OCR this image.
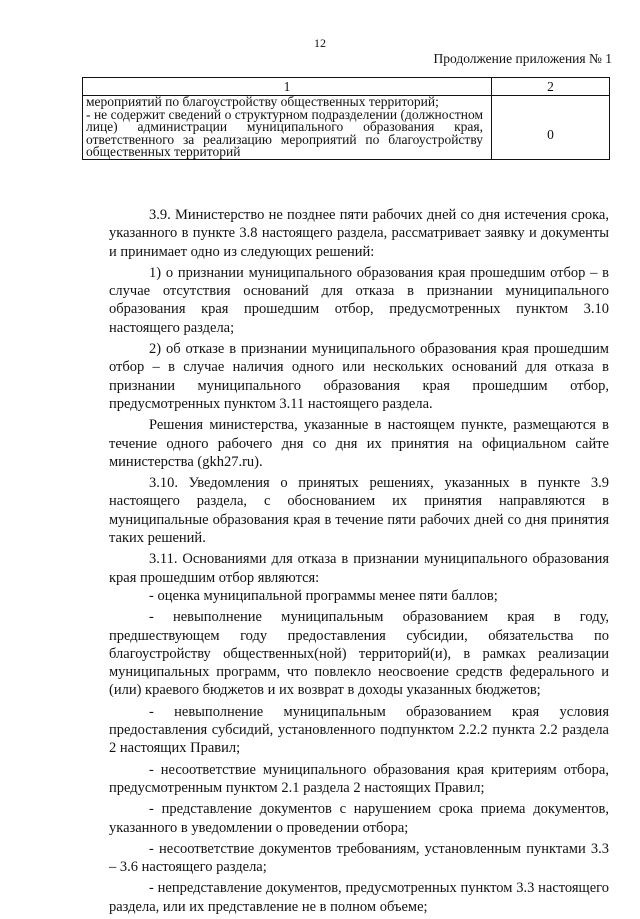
12
Продолжение приложения № 1
1	2
мероприятий по благоустройству общественных территорий;	
- не содержит сведений о структурном подразделении (должностном лице) администрации муниципального образования края, ответственного за реализацию мероприятий по благоустройству общественных территорий	0

3.9. Министерство не позднее пяти рабочих дней со дня истечения срока, указанного в пункте 3.8 настоящего раздела, рассматривает заявку и документы и принимает одно из следующих решений:

1) о признании муниципального образования края прошедшим отбор – в случае отсутствия оснований для отказа в признании муниципального образования края прошедшим отбор, предусмотренных пунктом 3.10 настоящего раздела;

2) об отказе в признании муниципального образования края прошедшим отбор – в случае наличия одного или нескольких оснований для отказа в признании муниципального образования края прошедшим отбор, предусмотренных пунктом 3.11 настоящего раздела.

Решения министерства, указанные в настоящем пункте, размещаются в течение одного рабочего дня со дня их принятия на официальном сайте министерства (gkh27.ru).

3.10. Уведомления о принятых решениях, указанных в пункте 3.9 настоящего раздела, с обоснованием их принятия направляются в муниципальные образования края в течение пяти рабочих дней со дня принятия таких решений.

3.11. Основаниями для отказа в признании муниципального образования края прошедшим отбор являются:

- оценка муниципальной программы менее пяти баллов;

- невыполнение муниципальным образованием края в году, предшествующем году предоставления субсидии, обязательства по благоустройству общественных(ной) территорий(и), в рамках реализации муниципальных программ, что повлекло неосвоение средств федерального и (или) краевого бюджетов и их возврат в доходы указанных бюджетов;

- невыполнение муниципальным образованием края условия предоставления субсидий, установленного подпунктом 2.2.2 пункта 2.2 раздела 2 настоящих Правил;

- несоответствие муниципального образования края критериям отбора, предусмотренным пунктом 2.1 раздела 2 настоящих Правил;

- представление документов с нарушением срока приема документов, указанного в уведомлении о проведении отбора;

- несоответствие документов требованиям, установленным пунктами 3.3 – 3.6 настоящего раздела;

- непредставление документов, предусмотренных пунктом 3.3 настоящего раздела, или их представление не в полном объеме;
